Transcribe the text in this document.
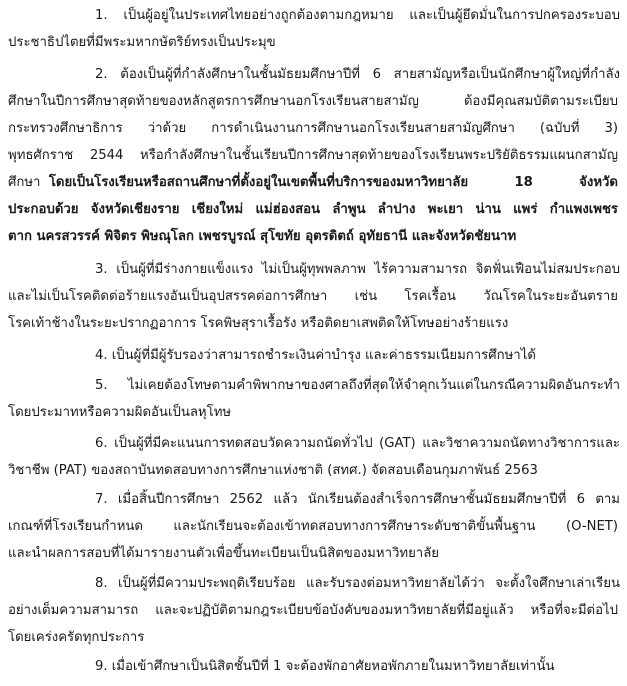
1. เป็นผู้อยู่ในประเทศไทยอย่างถูกต้องตามกฎหมาย และเป็นผู้ยึดมั่นในการปกครองระบอบ
ประชาธิปไตยที่มีพระมหากษัตริย์ทรงเป็นประมุข
2. ต้องเป็นผู้ที่กำลังศึกษาในชั้นมัธยมศึกษาปีที่ 6 สายสามัญหรือเป็นนักศึกษาผู้ใหญ่ที่กำลัง
ศึกษาในปีการศึกษาสุดท้ายของหลักสูตรการศึกษานอกโรงเรียนสายสามัญ ต้องมีคุณสมบัติตามระเบียบ
กระทรวงศึกษาธิการ ว่าด้วย การดำเนินงานการศึกษานอกโรงเรียนสายสามัญศึกษา (ฉบับที่ 3)
พุทธศักราช 2544 หรือกำลังศึกษาในชั้นเรียนปีการศึกษาสุดท้ายของโรงเรียนพระปริยัติธรรมแผนกสามัญ
ศึกษา โดยเป็นโรงเรียนหรือสถานศึกษาที่ตั้งอยู่ในเขตพื้นที่บริการของมหาวิทยาลัย 18 จังหวัด
ประกอบด้วย จังหวัดเชียงราย เชียงใหม่ แม่ฮ่องสอน ลำพูน ลำปาง พะเยา น่าน แพร่ กำแพงเพชร
ตาก นครสวรรค์ พิจิตร พิษณุโลก เพชรบูรณ์ สุโขทัย อุตรดิตถ์ อุทัยธานี และจังหวัดชัยนาท
3. เป็นผู้ที่มีร่างกายแข็งแรง ไม่เป็นผู้ทุพพลภาพ ไร้ความสามารถ จิตฟั่นเฟือนไม่สมประกอบ
และไม่เป็นโรคติดต่อร้ายแรงอันเป็นอุปสรรคต่อการศึกษา เช่น โรคเรื้อน วัณโรคในระยะอันตราย
โรคเท้าช้างในระยะปรากฏอาการ โรคพิษสุราเรื้อรัง หรือติดยาเสพติดให้โทษอย่างร้ายแรง
4. เป็นผู้ที่มีผู้รับรองว่าสามารถชำระเงินค่าบำรุง และค่าธรรมเนียมการศึกษาได้
5. ไม่เคยต้องโทษตามคำพิพากษาของศาลถึงที่สุดให้จำคุกเว้นแต่ในกรณีความผิดอันกระทำ
โดยประมาทหรือความผิดอันเป็นลหุโทษ
6. เป็นผู้ที่มีคะแนนการทดสอบวัดความถนัดทั่วไป (GAT) และวิชาความถนัดทางวิชาการและ
วิชาชีพ (PAT) ของสถาบันทดสอบทางการศึกษาแห่งชาติ (สทศ.) จัดสอบเดือนกุมภาพันธ์ 2563
7. เมื่อสิ้นปีการศึกษา 2562 แล้ว นักเรียนต้องสำเร็จการศึกษาชั้นมัธยมศึกษาปีที่ 6 ตาม
เกณฑ์ที่โรงเรียนกำหนด และนักเรียนจะต้องเข้าทดสอบทางการศึกษาระดับชาติขั้นพื้นฐาน (O-NET)
และนำผลการสอบที่ได้มารายงานตัวเพื่อขึ้นทะเบียนเป็นนิสิตของมหาวิทยาลัย
8. เป็นผู้ที่มีความประพฤติเรียบร้อย และรับรองต่อมหาวิทยาลัยได้ว่า จะตั้งใจศึกษาเล่าเรียน
อย่างเต็มความสามารถ และจะปฏิบัติตามกฎระเบียบข้อบังคับของมหาวิทยาลัยที่มีอยู่แล้ว หรือที่จะมีต่อไป
โดยเคร่งครัดทุกประการ
9. เมื่อเข้าศึกษาเป็นนิสิตชั้นปีที่ 1 จะต้องพักอาศัยหอพักภายในมหาวิทยาลัยเท่านั้น
